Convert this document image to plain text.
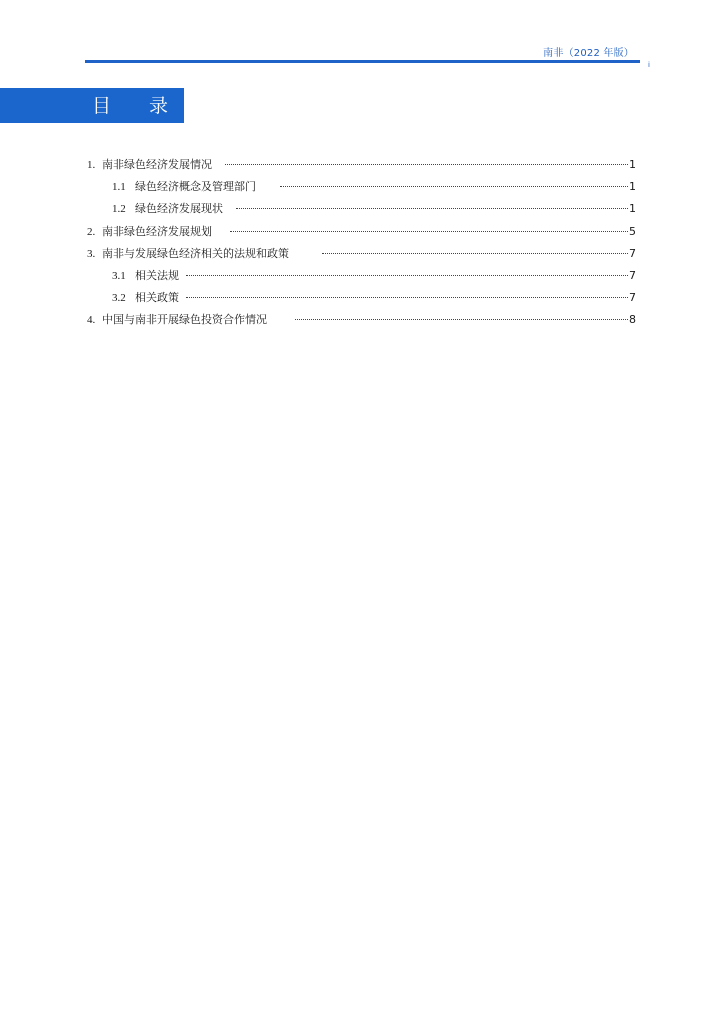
南非（2022 年版）
i
目 录
1. 南非绿色经济发展情况	1
1.1 绿色经济概念及管理部门	1
1.2 绿色经济发展现状	1
2. 南非绿色经济发展规划	5
3. 南非与发展绿色经济相关的法规和政策	7
3.1 相关法规	7
3.2 相关政策	7
4. 中国与南非开展绿色投资合作情况	8
